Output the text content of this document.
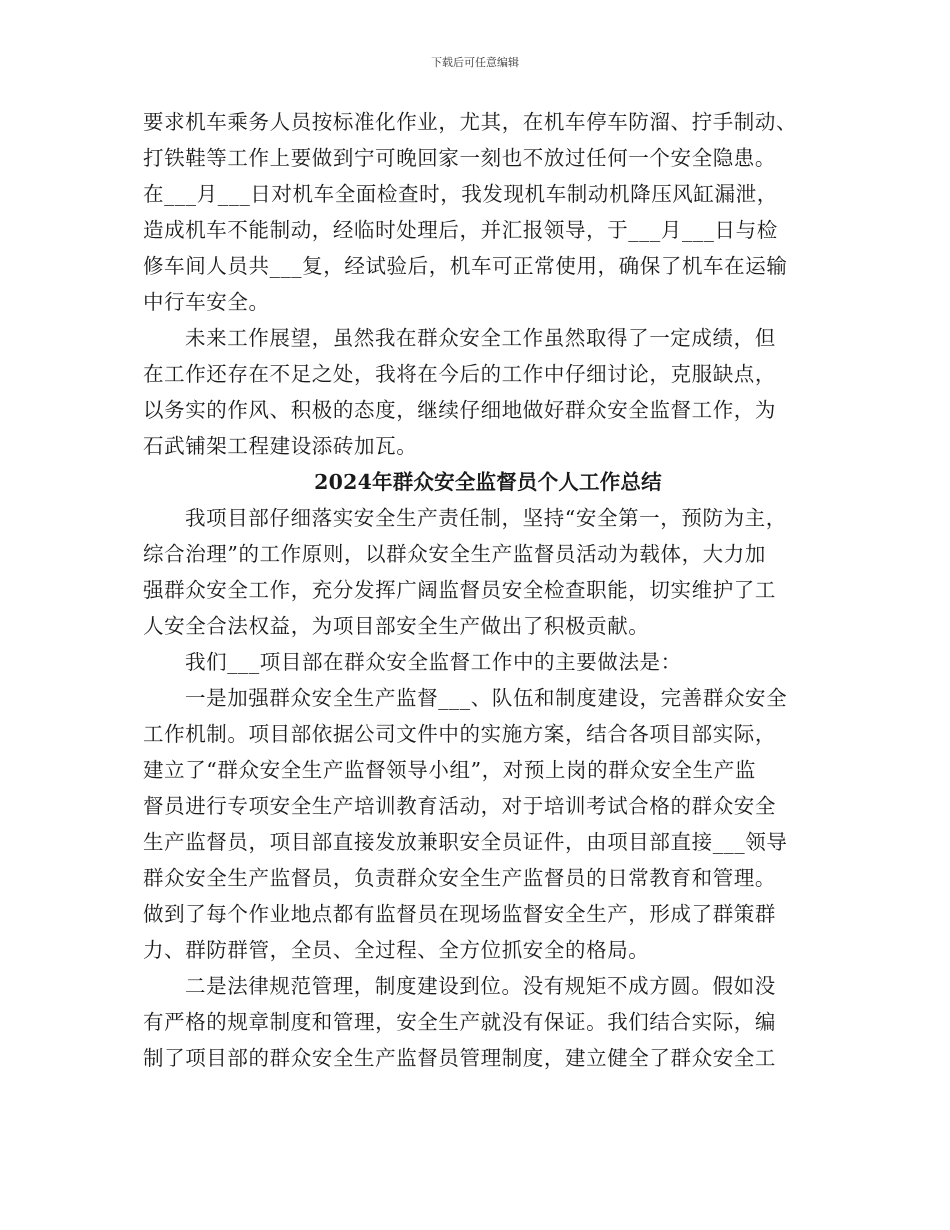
下载后可任意编辑
要求机车乘务人员按标准化作业，尤其，在机车停车防溜、拧手制动、
打铁鞋等工作上要做到宁可晚回家一刻也不放过任何一个安全隐患。
在___月___日对机车全面检查时，我发现机车制动机降压风缸漏泄，
造成机车不能制动，经临时处理后，并汇报领导，于___月___日与检
修车间人员共___复，经试验后，机车可正常使用，确保了机车在运输
中行车安全。
未来工作展望，虽然我在群众安全工作虽然取得了一定成绩，但
在工作还存在不足之处，我将在今后的工作中仔细讨论，克服缺点，
以务实的作风、积极的态度，继续仔细地做好群众安全监督工作，为
石武铺架工程建设添砖加瓦。
2024年群众安全监督员个人工作总结
我项目部仔细落实安全生产责任制，坚持“安全第一，预防为主，
综合治理”的工作原则，以群众安全生产监督员活动为载体，大力加
强群众安全工作，充分发挥广阔监督员安全检查职能，切实维护了工
人安全合法权益，为项目部安全生产做出了积极贡献。
我们___项目部在群众安全监督工作中的主要做法是：
一是加强群众安全生产监督___、队伍和制度建设，完善群众安全
工作机制。项目部依据公司文件中的实施方案，结合各项目部实际，
建立了“群众安全生产监督领导小组”，对预上岗的群众安全生产监
督员进行专项安全生产培训教育活动，对于培训考试合格的群众安全
生产监督员，项目部直接发放兼职安全员证件，由项目部直接___领导
群众安全生产监督员，负责群众安全生产监督员的日常教育和管理。
做到了每个作业地点都有监督员在现场监督安全生产，形成了群策群
力、群防群管，全员、全过程、全方位抓安全的格局。
二是法律规范管理，制度建设到位。没有规矩不成方圆。假如没
有严格的规章制度和管理，安全生产就没有保证。我们结合实际，编
制了项目部的群众安全生产监督员管理制度，建立健全了群众安全工
